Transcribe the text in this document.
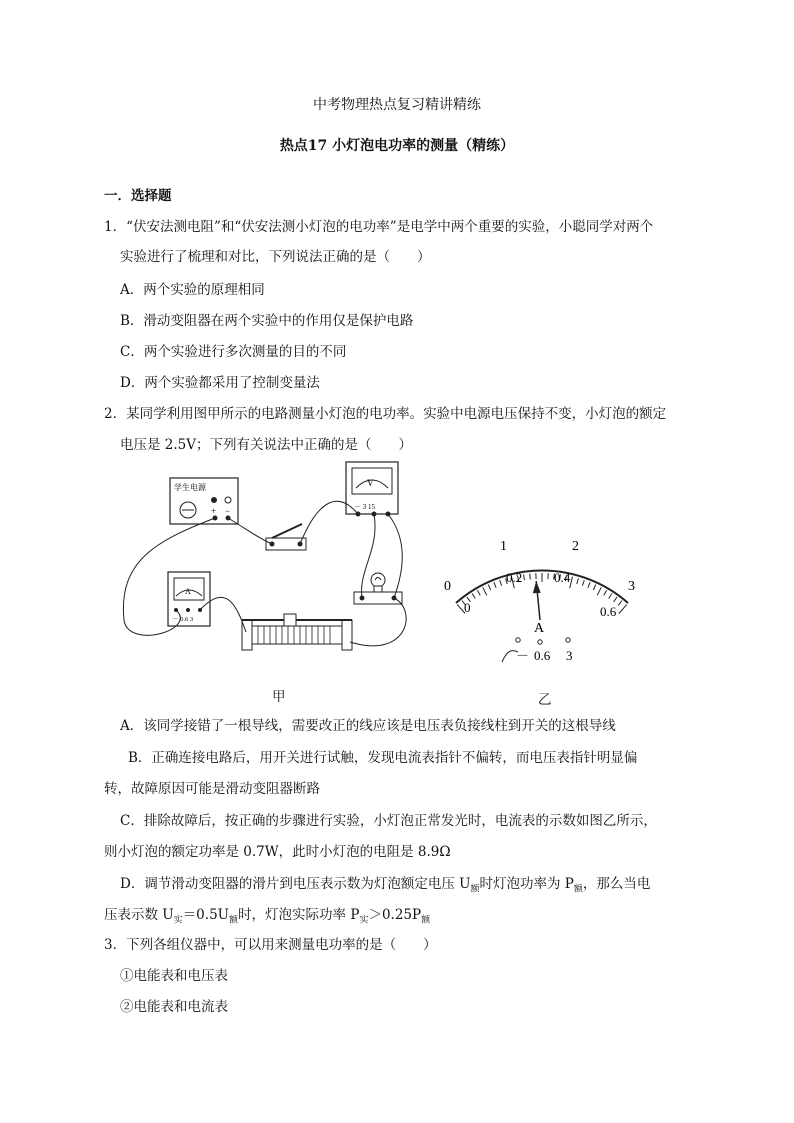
中考物理热点复习精讲精练
热点17 小灯泡电功率的测量（精练）
一．选择题
1．“伏安法测电阻”和“伏安法测小灯泡的电功率”是电学中两个重要的实验，小聪同学对两个
实验进行了梳理和对比，下列说法正确的是（　　）
A．两个实验的原理相同
B．滑动变阻器在两个实验中的作用仅是保护电路
C．两个实验进行多次测量的目的不同
D．两个实验都采用了控制变量法
2．某同学利用图甲所示的电路测量小灯泡的电功率。实验中电源电压保持不变，小灯泡的额定
电压是 2.5V；下列有关说法中正确的是（　　）
学生电源
+ −
V
－ 3 15
A
－ 0.6 3
0
1	2
3
0
0.2 0.4
0.6
A
－ 0.6 3
甲	乙
A．该同学接错了一根导线，需要改正的线应该是电压表负接线柱到开关的这根导线
B．正确连接电路后，用开关进行试触，发现电流表指针不偏转，而电压表指针明显偏
转，故障原因可能是滑动变阻器断路
C．排除故障后，按正确的步骤进行实验，小灯泡正常发光时，电流表的示数如图乙所示，
则小灯泡的额定功率是 0.7W，此时小灯泡的电阻是 8.9Ω
D．调节滑动变阻器的滑片到电压表示数为灯泡额定电压 $U_额$时灯泡功率为 $P_额$，那么当电
压表示数 $U_实=0.5U_额$时，灯泡实际功率 $P_实>0.25P_额$
3．下列各组仪器中，可以用来测量电功率的是（　　）
①电能表和电压表
②电能表和电流表
